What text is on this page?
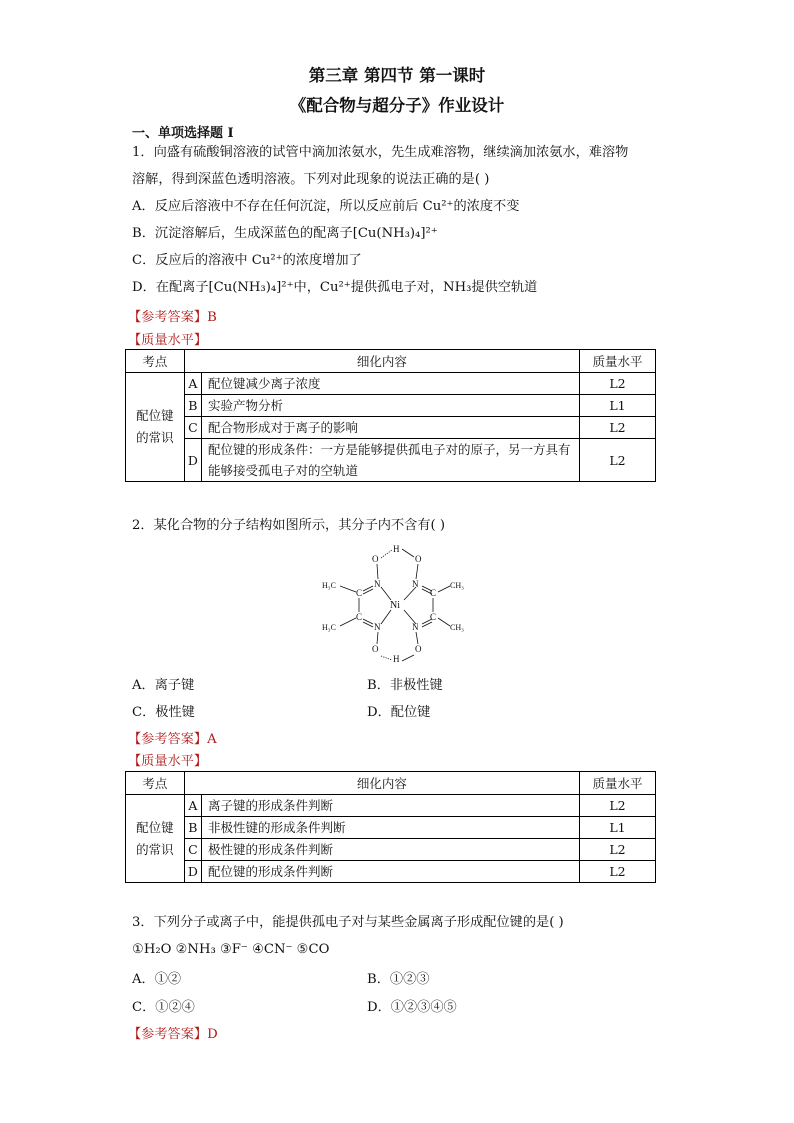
第三章 第四节 第一课时
《配合物与超分子》作业设计
一、单项选择题 I
1．向盛有硫酸铜溶液的试管中滴加浓氨水，先生成难溶物，继续滴加浓氨水，难溶物
溶解，得到深蓝色透明溶液。下列对此现象的说法正确的是( )
A．反应后溶液中不存在任何沉淀，所以反应前后 Cu²⁺的浓度不变
B．沉淀溶解后，生成深蓝色的配离子[Cu(NH₃)₄]²⁺
C．反应后的溶液中 Cu²⁺的浓度增加了
D．在配离子[Cu(NH₃)₄]²⁺中，Cu²⁺提供孤电子对，NH₃提供空轨道
【参考答案】B
【质量水平】
考点	细化内容		质量水平
配位键的常识	A	配位键减少离子浓度	L2
	B	实验产物分析	L1
	C	配合物形成对于离子的影响	L2
	D	配位键的形成条件：一方是能够提供孤电子对的原子，另一方具有能够接受孤电子对的空轨道	L2
2．某化合物的分子结构如图所示，其分子内不含有( )
O
H
O
N	N
N	N
C	C
C	C
H₃C
H₃C
CH₃
CH₃
O
H
O
Ni
A．离子键	B．非极性键
C．极性键	D．配位键
【参考答案】A
【质量水平】
考点	细化内容		质量水平
配位键的常识	A	离子键的形成条件判断	L2
	B	非极性键的形成条件判断	L1
	C	极性键的形成条件判断	L2
	D	配位键的形成条件判断	L2
3．下列分子或离子中，能提供孤电子对与某些金属离子形成配位键的是( )
①H₂O ②NH₃ ③F⁻ ④CN⁻ ⑤CO
A．①②	B．①②③
C．①②④	D．①②③④⑤
【参考答案】D
